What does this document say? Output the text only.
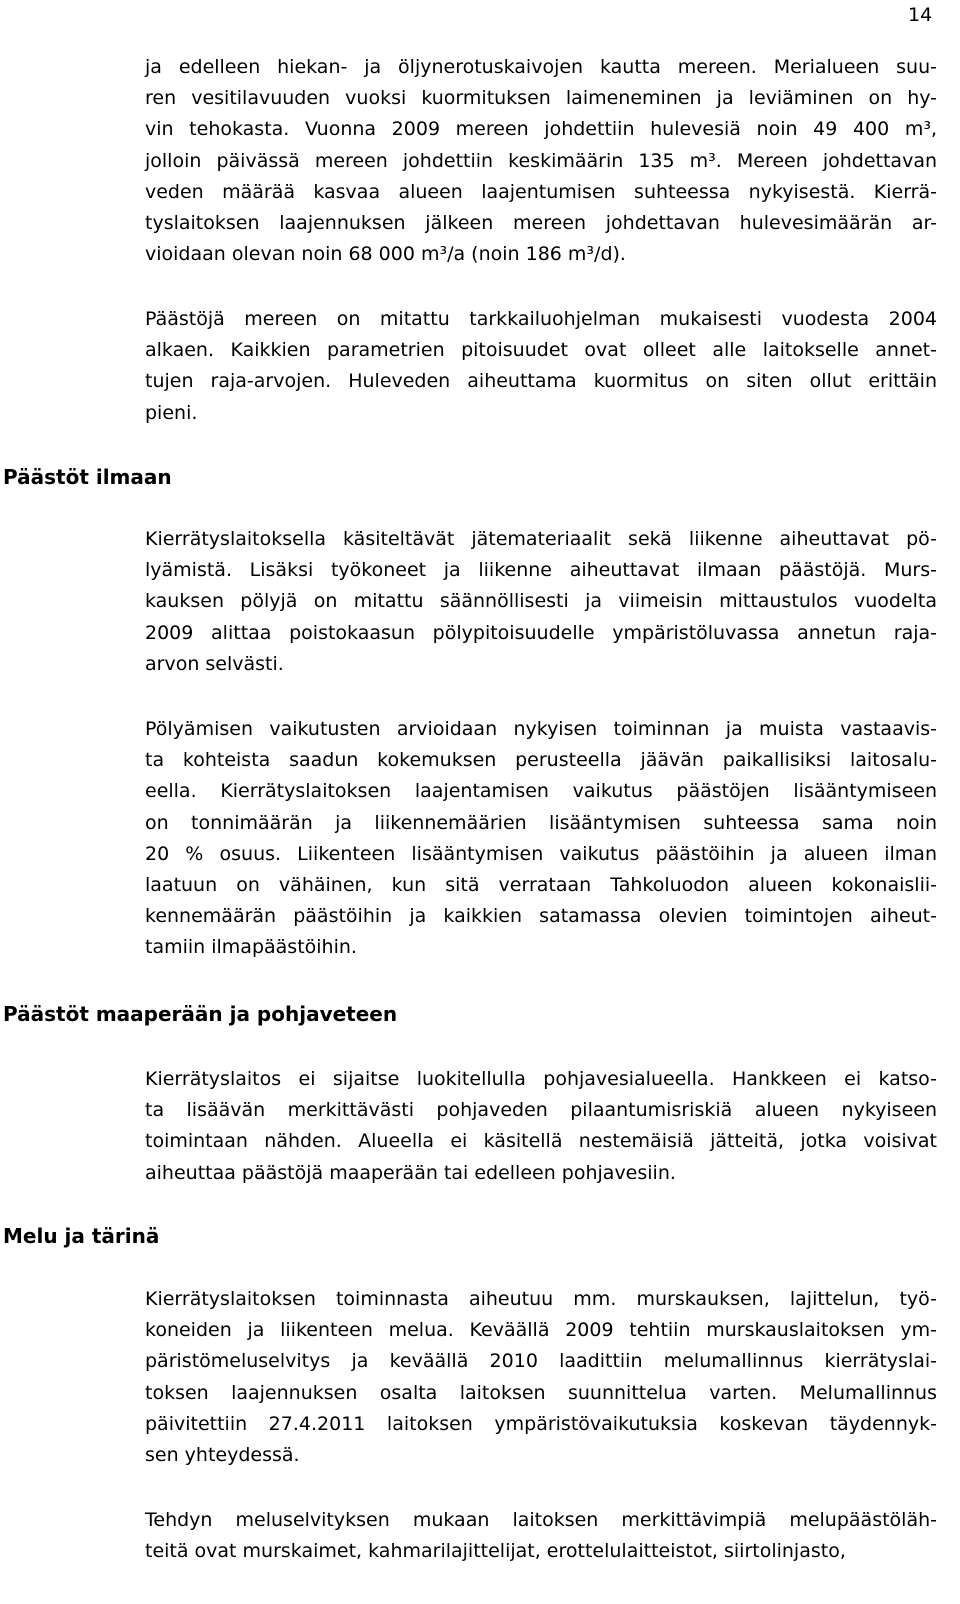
14
ja edelleen hiekan- ja öljynerotuskaivojen kautta mereen. Merialueen suu-
ren vesitilavuuden vuoksi kuormituksen laimeneminen ja leviäminen on hy-
vin tehokasta. Vuonna 2009 mereen johdettiin hulevesiä noin 49 400 m³,
jolloin päivässä mereen johdettiin keskimäärin 135 m³. Mereen johdettavan
veden määrää kasvaa alueen laajentumisen suhteessa nykyisestä. Kierrä-
tyslaitoksen laajennuksen jälkeen mereen johdettavan hulevesimäärän ar-
vioidaan olevan noin 68 000 m³/a (noin 186 m³/d).
Päästöjä mereen on mitattu tarkkailuohjelman mukaisesti vuodesta 2004
alkaen. Kaikkien parametrien pitoisuudet ovat olleet alle laitokselle annet-
tujen raja-arvojen. Huleveden aiheuttama kuormitus on siten ollut erittäin
pieni.
Päästöt ilmaan
Kierrätyslaitoksella käsiteltävät jätemateriaalit sekä liikenne aiheuttavat pö-
lyämistä. Lisäksi työkoneet ja liikenne aiheuttavat ilmaan päästöjä. Murs-
kauksen pölyjä on mitattu säännöllisesti ja viimeisin mittaustulos vuodelta
2009 alittaa poistokaasun pölypitoisuudelle ympäristöluvassa annetun raja-
arvon selvästi.
Pölyämisen vaikutusten arvioidaan nykyisen toiminnan ja muista vastaavis-
ta kohteista saadun kokemuksen perusteella jäävän paikallisiksi laitosalu-
eella. Kierrätyslaitoksen laajentamisen vaikutus päästöjen lisääntymiseen
on tonnimäärän ja liikennemäärien lisääntymisen suhteessa sama noin
20 % osuus. Liikenteen lisääntymisen vaikutus päästöihin ja alueen ilman
laatuun on vähäinen, kun sitä verrataan Tahkoluodon alueen kokonaislii-
kennemäärän päästöihin ja kaikkien satamassa olevien toimintojen aiheut-
tamiin ilmapäästöihin.
Päästöt maaperään ja pohjaveteen
Kierrätyslaitos ei sijaitse luokitellulla pohjavesialueella. Hankkeen ei katso-
ta lisäävän merkittävästi pohjaveden pilaantumisriskiä alueen nykyiseen
toimintaan nähden. Alueella ei käsitellä nestemäisiä jätteitä, jotka voisivat
aiheuttaa päästöjä maaperään tai edelleen pohjavesiin.
Melu ja tärinä
Kierrätyslaitoksen toiminnasta aiheutuu mm. murskauksen, lajittelun, työ-
koneiden ja liikenteen melua. Keväällä 2009 tehtiin murskauslaitoksen ym-
päristömeluselvitys ja keväällä 2010 laadittiin melumallinnus kierrätyslai-
toksen laajennuksen osalta laitoksen suunnittelua varten. Melumallinnus
päivitettiin 27.4.2011 laitoksen ympäristövaikutuksia koskevan täydennyk-
sen yhteydessä.
Tehdyn meluselvityksen mukaan laitoksen merkittävimpiä melupäästöläh-
teitä ovat murskaimet, kahmarilajittelijat, erottelulaitteistot, siirtolinjasto,
